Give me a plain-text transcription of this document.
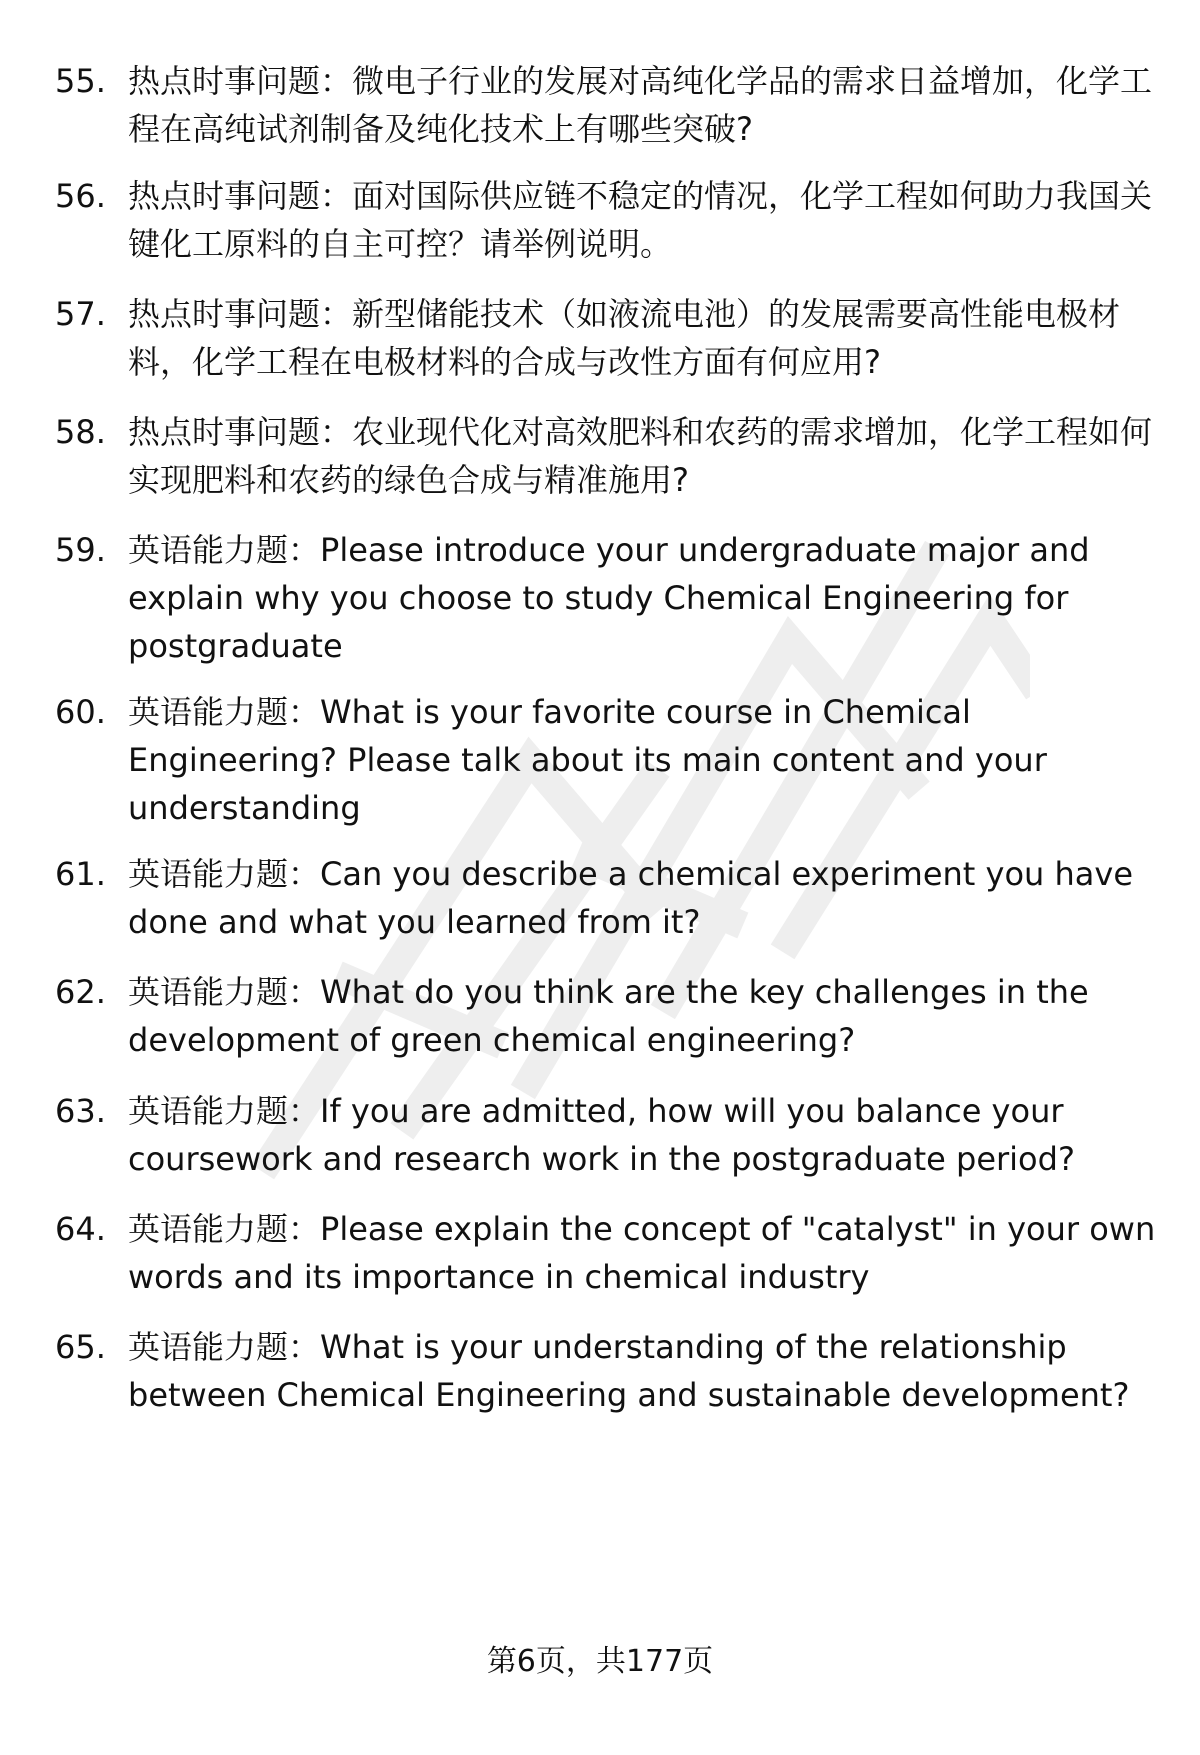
55. 热点时事问题：微电子行业的发展对高纯化学品的需求日益增加，化学工程在高纯试剂制备及纯化技术上有哪些突破?
56. 热点时事问题：面对国际供应链不稳定的情况，化学工程如何助力我国关键化工原料的自主可控？请举例说明。
57. 热点时事问题：新型储能技术（如液流电池）的发展需要高性能电极材料，化学工程在电极材料的合成与改性方面有何应用?
58. 热点时事问题：农业现代化对高效肥料和农药的需求增加，化学工程如何实现肥料和农药的绿色合成与精准施用?
59. 英语能力题：Please introduce your undergraduate major and explain why you choose to study Chemical Engineering for postgraduate
60. 英语能力题：What is your favorite course in Chemical Engineering? Please talk about its main content and your understanding
61. 英语能力题：Can you describe a chemical experiment you have done and what you learned from it?
62. 英语能力题：What do you think are the key challenges in the development of green chemical engineering?
63. 英语能力题：If you are admitted, how will you balance your coursework and research work in the postgraduate period?
64. 英语能力题：Please explain the concept of "catalyst" in your own words and its importance in chemical industry
65. 英语能力题：What is your understanding of the relationship between Chemical Engineering and sustainable development?
第6页，共177页
